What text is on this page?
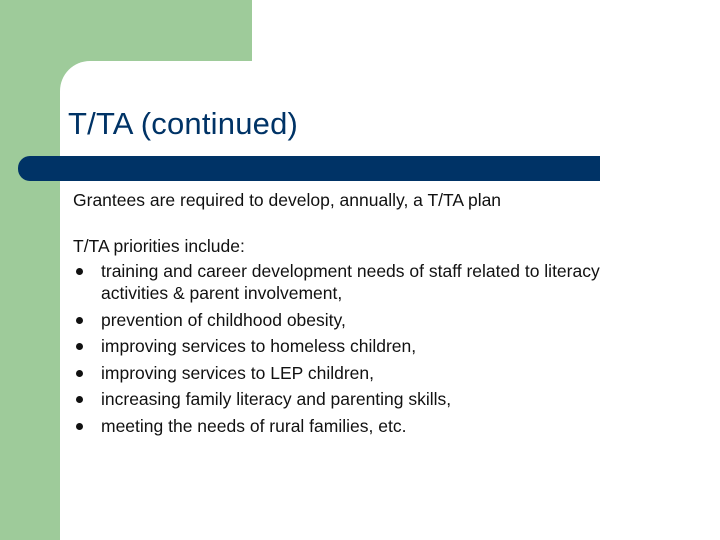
T/TA (continued)

Grantees are required to develop, annually, a T/TA plan

T/TA priorities include:

training and career development needs of staff related to literacy activities & parent involvement,
prevention of childhood obesity,
improving services to homeless children,
improving services to LEP children,
increasing family literacy and parenting skills,
meeting the needs of rural families, etc.
